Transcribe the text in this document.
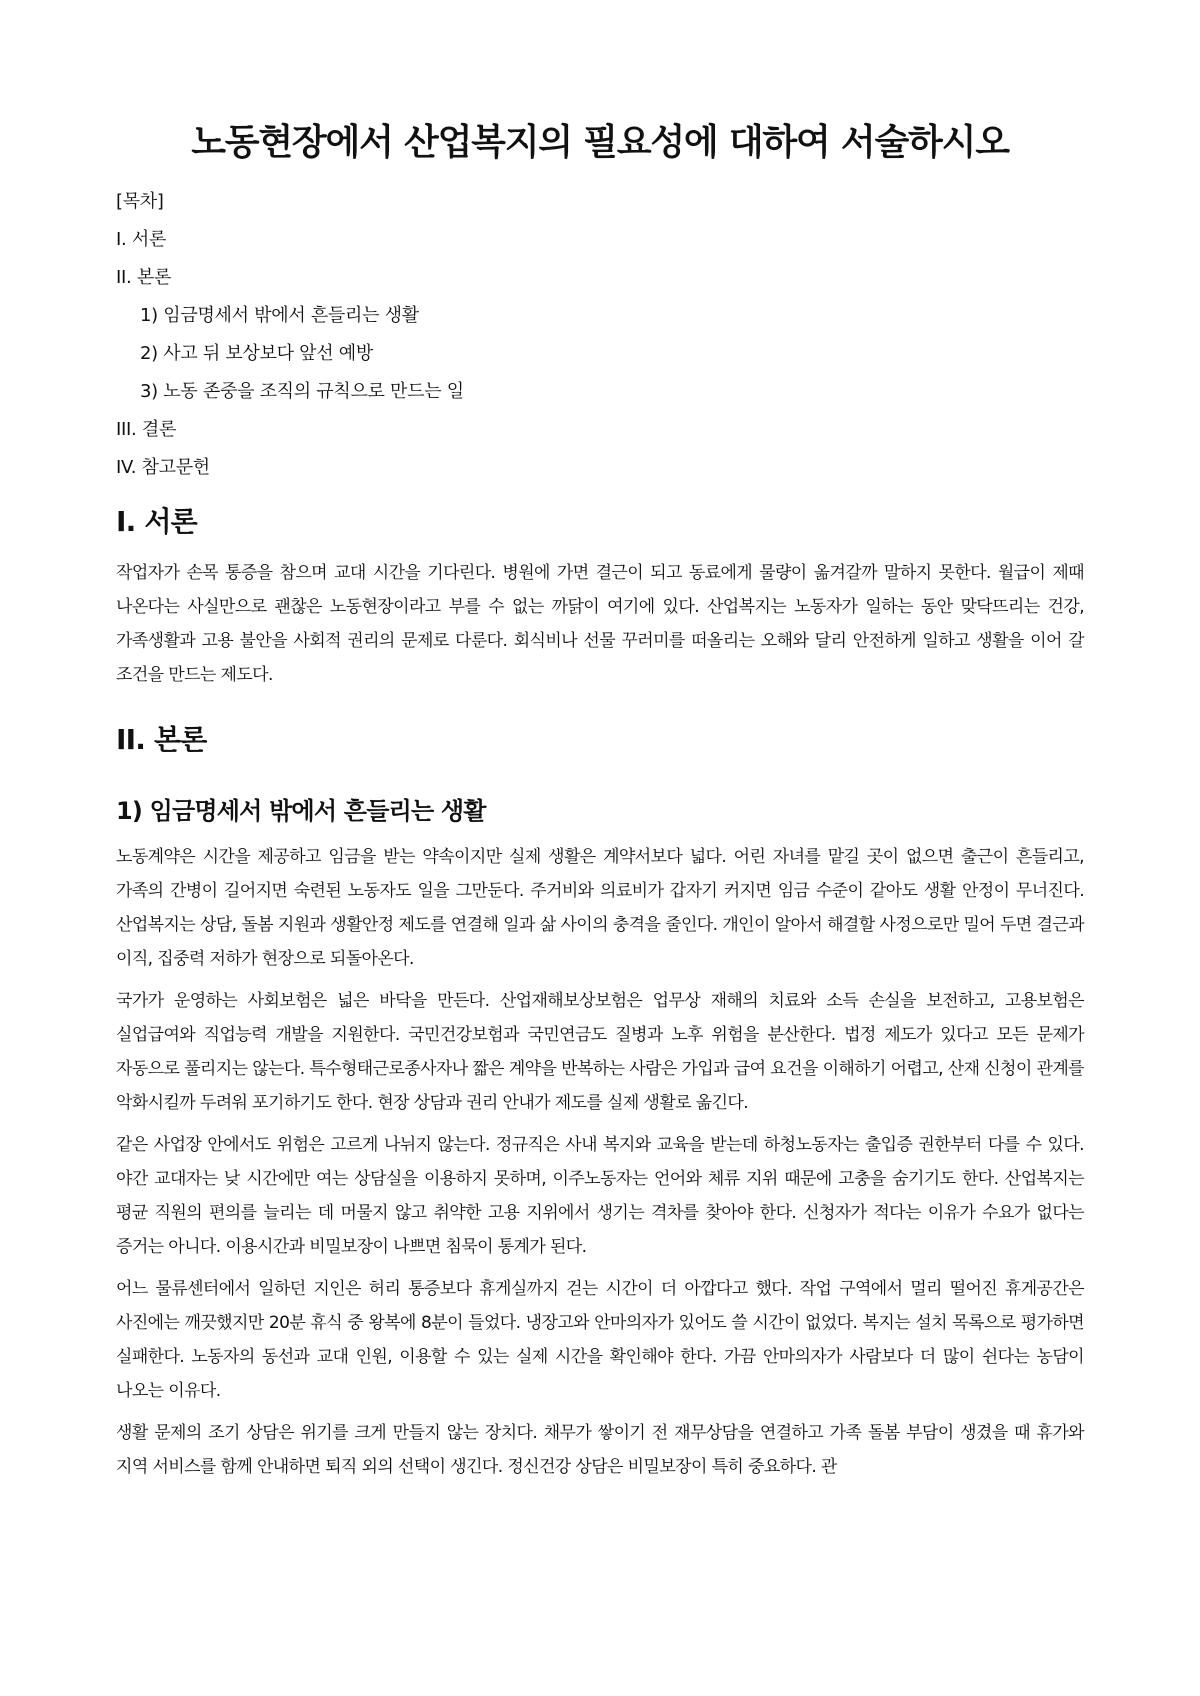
노동현장에서 산업복지의 필요성에 대하여 서술하시오
[목차]
I. 서론
II. 본론
1) 임금명세서 밖에서 흔들리는 생활
2) 사고 뒤 보상보다 앞선 예방
3) 노동 존중을 조직의 규칙으로 만드는 일
III. 결론
IV. 참고문헌
I. 서론

작업자가 손목 통증을 참으며 교대 시간을 기다린다. 병원에 가면 결근이 되고 동료에게 물량이 옮겨갈까 말하지 못한다. 월급이 제때 나온다는 사실만으로 괜찮은 노동현장이라고 부를 수 없는 까닭이 여기에 있다. 산업복지는 노동자가 일하는 동안 맞닥뜨리는 건강, 가족생활과 고용 불안을 사회적 권리의 문제로 다룬다. 회식비나 선물 꾸러미를 떠올리는 오해와 달리 안전하게 일하고 생활을 이어 갈 조건을 만드는 제도다.

II. 본론
1) 임금명세서 밖에서 흔들리는 생활

노동계약은 시간을 제공하고 임금을 받는 약속이지만 실제 생활은 계약서보다 넓다. 어린 자녀를 맡길 곳이 없으면 출근이 흔들리고, 가족의 간병이 길어지면 숙련된 노동자도 일을 그만둔다. 주거비와 의료비가 갑자기 커지면 임금 수준이 같아도 생활 안정이 무너진다. 산업복지는 상담, 돌봄 지원과 생활안정 제도를 연결해 일과 삶 사이의 충격을 줄인다. 개인이 알아서 해결할 사정으로만 밀어 두면 결근과 이직, 집중력 저하가 현장으로 되돌아온다.

국가가 운영하는 사회보험은 넓은 바닥을 만든다. 산업재해보상보험은 업무상 재해의 치료와 소득 손실을 보전하고, 고용보험은 실업급여와 직업능력 개발을 지원한다. 국민건강보험과 국민연금도 질병과 노후 위험을 분산한다. 법정 제도가 있다고 모든 문제가 자동으로 풀리지는 않는다. 특수형태근로종사자나 짧은 계약을 반복하는 사람은 가입과 급여 요건을 이해하기 어렵고, 산재 신청이 관계를 악화시킬까 두려워 포기하기도 한다. 현장 상담과 권리 안내가 제도를 실제 생활로 옮긴다.

같은 사업장 안에서도 위험은 고르게 나뉘지 않는다. 정규직은 사내 복지와 교육을 받는데 하청노동자는 출입증 권한부터 다를 수 있다. 야간 교대자는 낮 시간에만 여는 상담실을 이용하지 못하며, 이주노동자는 언어와 체류 지위 때문에 고충을 숨기기도 한다. 산업복지는 평균 직원의 편의를 늘리는 데 머물지 않고 취약한 고용 지위에서 생기는 격차를 찾아야 한다. 신청자가 적다는 이유가 수요가 없다는 증거는 아니다. 이용시간과 비밀보장이 나쁘면 침묵이 통계가 된다.

어느 물류센터에서 일하던 지인은 허리 통증보다 휴게실까지 걷는 시간이 더 아깝다고 했다. 작업 구역에서 멀리 떨어진 휴게공간은 사진에는 깨끗했지만 20분 휴식 중 왕복에 8분이 들었다. 냉장고와 안마의자가 있어도 쓸 시간이 없었다. 복지는 설치 목록으로 평가하면 실패한다. 노동자의 동선과 교대 인원, 이용할 수 있는 실제 시간을 확인해야 한다. 가끔 안마의자가 사람보다 더 많이 쉰다는 농담이 나오는 이유다.

생활 문제의 조기 상담은 위기를 크게 만들지 않는 장치다. 채무가 쌓이기 전 재무상담을 연결하고 가족 돌봄 부담이 생겼을 때 휴가와 지역 서비스를 함께 안내하면 퇴직 외의 선택이 생긴다. 정신건강 상담은 비밀보장이 특히 중요하다. 관
